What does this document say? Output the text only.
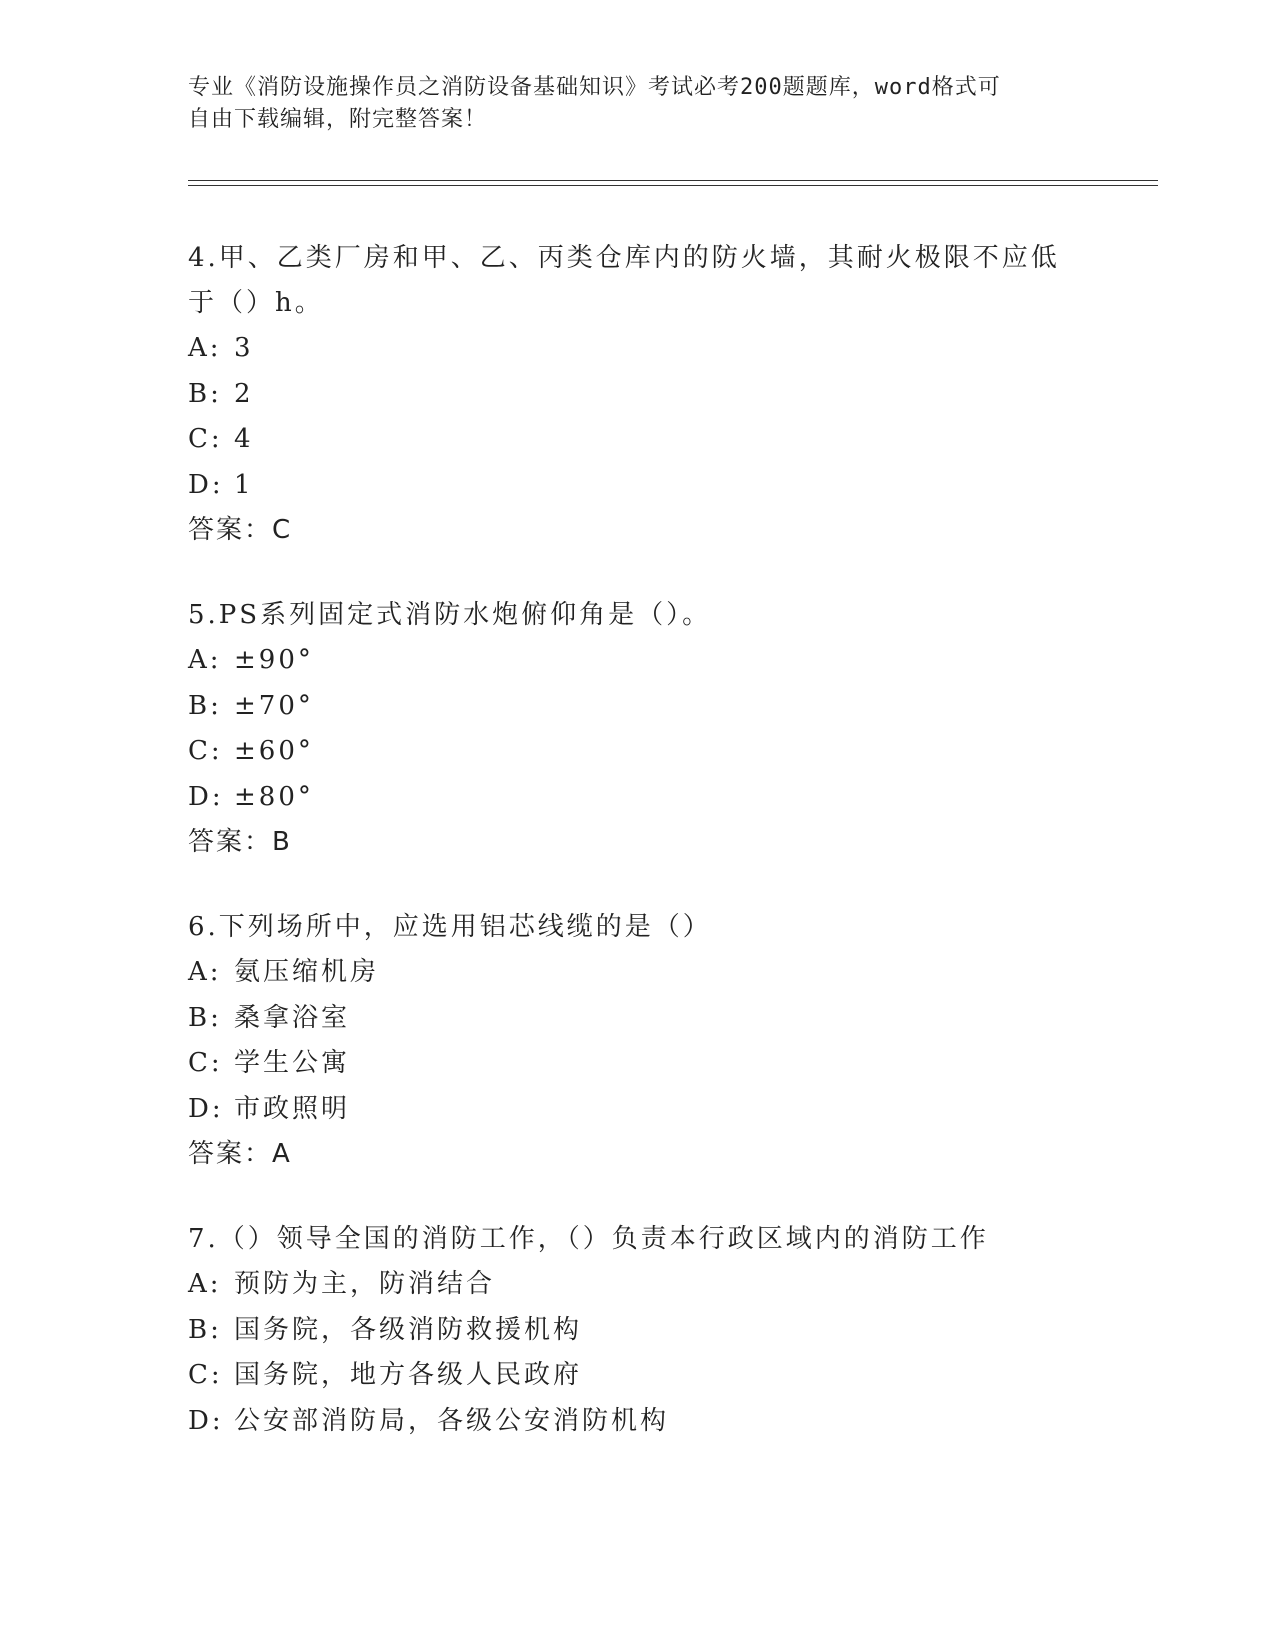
专业《消防设施操作员之消防设备基础知识》考试必考200题题库，word格式可
自由下载编辑，附完整答案！
4.甲、乙类厂房和甲、乙、丙类仓库内的防火墙，其耐火极限不应低
于（）h。
A: 3
B: 2
C: 4
D: 1
答案：C
5.PS系列固定式消防水炮俯仰角是（）。
A: ±90°
B: ±70°
C: ±60°
D: ±80°
答案：B
6.下列场所中，应选用铝芯线缆的是（）
A: 氨压缩机房
B: 桑拿浴室
C: 学生公寓
D: 市政照明
答案：A
7.（）领导全国的消防工作，（）负责本行政区域内的消防工作
A: 预防为主，防消结合
B: 国务院，各级消防救援机构
C: 国务院，地方各级人民政府
D: 公安部消防局，各级公安消防机构
